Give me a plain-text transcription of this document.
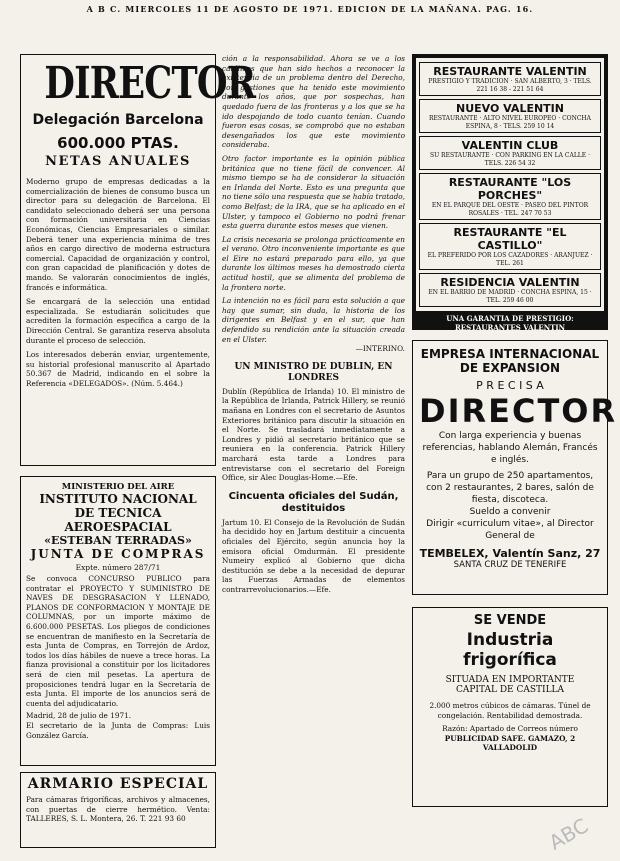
A B C. MIERCOLES 11 DE AGOSTO DE 1971. EDICION DE LA MAÑANA. PAG. 16.
DIRECTOR
Delegación Barcelona
600.000 PTAS.
NETAS ANUALES
Moderno grupo de empresas dedicadas a la comercialización de bienes de consumo busca un director para su delegación de Barcelona. El candidato seleccionado deberá ser una persona con formación universitaria en Ciencias Económicas, Ciencias Empresariales o similar. Deberá tener una experiencia mínima de tres años en cargo directivo de moderna estructura comercial. Capacidad de organización y control, con gran capacidad de planificación y dotes de mando. Se valorarán conocimientos de inglés, francés e informática.
Se encargará de la selección una entidad especializada. Se estudiarán solicitudes que acrediten la formación específica a cargo de la Dirección Central. Se garantiza reserva absoluta durante el proceso de selección.
Los interesados deberán enviar, urgentemente, su historial profesional manuscrito al Apartado 50.367 de Madrid, indicando en el sobre la Referencia «DELEGADOS». (Núm. 5.464.)
MINISTERIO DEL AIRE
INSTITUTO NACIONAL
DE TECNICA AEROESPACIAL
«ESTEBAN TERRADAS»
JUNTA DE COMPRAS
Expte. número 287/71
Se convoca CONCURSO PUBLICO para contratar el PROYECTO Y SUMINISTRO DE NAVES DE DESGRASACION Y LLENADO, PLANOS DE CONFORMACION Y MONTAJE DE COLUMNAS, por un importe máximo de 6.600.000 PESETAS. Los pliegos de condiciones se encuentran de manifiesto en la Secretaría de esta Junta de Compras, en Torrejón de Ardoz, todos los días hábiles de nueve a trece horas. La fianza provisional a constituir por los licitadores será de cien mil pesetas. La apertura de proposiciones tendrá lugar en la Secretaría de esta Junta. El importe de los anuncios será de cuenta del adjudicatario.
Madrid, 28 de julio de 1971.
El secretario de la Junta de Compras: Luis González García.
ARMARIO ESPECIAL
Para cámaras frigoríficas, archivos y almacenes, con puertas de cierre hermético. Venta: TALLERES, S. L. Montera, 26. T. 221 93 60
ción a la responsabilidad. Ahora se ve a los católicos que han sido hechos a reconocer la existencia de un problema dentro del Derecho, con gestiones que ha tenido este movimiento durante los años, que por sospechas, han quedado fuera de las fronteras y a los que se ha ido despojando de todo cuanto tenían. Cuando fueron esas cosas, se comprobó que no estaban desengañados los que este movimiento consideraba.
Otro factor importante es la opinión pública británica que no tiene fácil de convencer. Al mismo tiempo se ha de considerar la situación en Irlanda del Norte. Esto es una pregunta que no tiene sólo una respuesta que se había tratado, como Belfast; de la IRA, que se ha aplicado en el Ulster, y tampoco el Gobierno no podrá frenar esta guerra durante estos meses que vienen.
La crisis necesaria se prolonga prácticamente en el verano. Otro inconveniente importante es que el Eire no estará preparado para ello, ya que durante los últimos meses ha demostrado cierta actitud hostil, que se alimenta del problema de la frontera norte.
La intención no es fácil para esta solución a que hay que sumar, sin duda, la historia de los dirigentes en Belfast y en el sur, que han defendido su rendición ante la situación creada en el Ulster.
—INTERINO.
UN MINISTRO DE DUBLIN, EN LONDRES
Dublín (República de Irlanda) 10. El ministro de la República de Irlanda, Patrick Hillery, se reunió mañana en Londres con el secretario de Asuntos Exteriores británico para discutir la situación en el Norte. Se trasladará inmediatamente a Londres y pidió al secretario británico que se reuniera en la conferencia. Patrick Hillery marchará esta tarde a Londres para entrevistarse con el secretario del Foreign Office, sir Alec Douglas-Home.—Efe.
Cincuenta oficiales del Sudán, destituidos
Jartum 10. El Consejo de la Revolución de Sudán ha decidido hoy en Jartum destituir a cincuenta oficiales del Ejército, según anuncia hoy la emisora oficial Omdurmán. El presidente Numeiry explicó al Gobierno que dicha destitución se debe a la necesidad de depurar las Fuerzas Armadas de elementos contrarrevolucionarios.—Efe.
RESTAURANTE VALENTIN
PRESTIGIO Y TRADICION · SAN ALBERTO, 3 · TELS. 221 16 38 - 221 51 64
NUEVO VALENTIN
RESTAURANTE · ALTO NIVEL EUROPEO · CONCHA ESPINA, 8 · TELS. 259 10 14
VALENTIN CLUB
SU RESTAURANTE · CON PARKING EN LA CALLE · TELS. 226 54 32
RESTAURANTE "LOS PORCHES"
EN EL PARQUE DEL OESTE · PASEO DEL PINTOR ROSALES · TEL. 247 70 53
RESTAURANTE "EL CASTILLO"
EL PREFERIDO POR LOS CAZADORES · ARANJUEZ · TEL. 261
RESIDENCIA VALENTIN
EN EL BARRIO DE MADRID · CONCHA ESPINA, 15 · TEL. 259 46 00
UNA GARANTIA DE PRESTIGIO: RESTAURANTES VALENTIN
EMPRESA INTERNACIONAL
DE EXPANSION
P R E C I S A
DIRECTOR
Con larga experiencia y buenas referencias, hablando Alemán, Francés e inglés.
Para un grupo de 250 apartamentos, con 2 restaurantes, 2 bares, salón de fiesta, discoteca.
Sueldo a convenir
Dirigir «curriculum vitae», al Director General de
TEMBELEX, Valentín Sanz, 27
SANTA CRUZ DE TENERIFE
SE VENDE
Industria frigorífica
SITUADA EN IMPORTANTE
CAPITAL DE CASTILLA
2.000 metros cúbicos de cámaras. Túnel de congelación. Rentabilidad demostrada.
Razón: Apartado de Correos número
PUBLICIDAD SAFE. GAMAZO, 2
VALLADOLID
ABC
